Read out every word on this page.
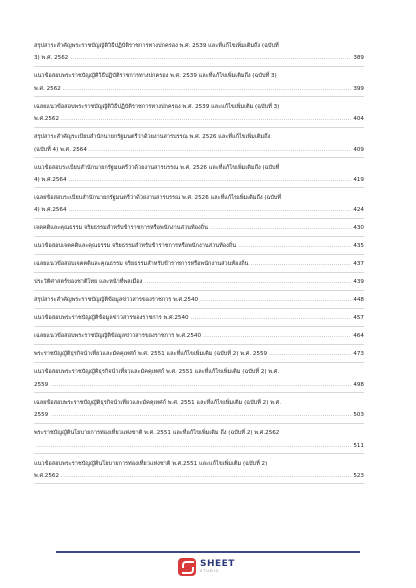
สรุปสาระสำคัญพระราชบัญญัติวิธีปฏิบัติราชการทางปกครอง พ.ศ. 2539 และที่แก้ไขเพิ่มเติมถึง (ฉบับที่
3) พ.ศ. 2562 .....	389
แนวข้อสอบพระราชบัญญัติวิธีปฏิบัติราชการทางปกครอง พ.ศ. 2539 และที่แก้ไขเพิ่มเติมถึง (ฉบับที่ 3)
พ.ศ. 2562 .....	399
เฉลยแนวข้อสอบพระราชบัญญัติวิธีปฏิบัติราชการทางปกครอง พ.ศ. 2539 และแก้ไขเพิ่มเติม (ฉบับที่ 3)
พ.ศ.2562 .....	404
สรุปสาระสำคัญระเบียบสำนักนายกรัฐมนตรีว่าด้วยงานสารบรรณ พ.ศ. 2526 และที่แก้ไขเพิ่มเติมถึง
(ฉบับที่ 4) พ.ศ. 2564 .....	409
แนวข้อสอบระเบียบสำนักนายกรัฐมนตรีว่าด้วยงานสารบรรณ พ.ศ. 2526 และที่แก้ไขเพิ่มเติมถึง (ฉบับที่
4) พ.ศ.2564 .....	419
เฉลยข้อสอบระเบียบสำนักนายกรัฐมนตรีว่าด้วยงานสารบรรณ พ.ศ. 2526 และที่แก้ไขเพิ่มเติมถึง (ฉบับที่
4) พ.ศ.2564 .....	424
เจตคติและคุณธรรม จริยธรรมสำหรับข้าราชการหรือพนักงานส่วนท้องถิ่น .....	430
แนวข้อสอบเจตคติและคุณธรรม จริยธรรมสำหรับข้าราชการหรือพนักงานส่วนท้องถิ่น .....	435
เฉลยแนวข้อสอบเจตคติและคุณธรรม จริยธรรมสำหรับข้าราชการหรือพนักงานส่วนท้องถิ่น .....	437
ประวัติศาสตร์ของชาติไทย และหน้าที่พลเมือง .....	439
สรุปสาระสำคัญพระราชบัญญัติข้อมูลข่าวสารของราชการ พ.ศ.2540 .....	448
แนวข้อสอบพระราชบัญญัติข้อมูลข่าวสารของราชการ พ.ศ.2540 .....	457
เฉลยแนวข้อสอบพระราชบัญญัติข้อมูลข่าวสารของราชการ พ.ศ.2540 .....	464
พระราชบัญญัติธุรกิจนำเที่ยวและมัคคุเทศก์ พ.ศ. 2551 และที่แก้ไขเพิ่มเติม (ฉบับที่ 2) พ.ศ. 2559 .....	473
แนวข้อสอบพระราชบัญญัติธุรกิจนำเที่ยวและมัคคุเทศก์ พ.ศ. 2551 และที่แก้ไขเพิ่มเติม (ฉบับที่ 2) พ.ศ.
2559 .....	498
เฉลยข้อสอบพระราชบัญญัติธุรกิจนำเที่ยวและมัคคุเทศก์ พ.ศ. 2551 และที่แก้ไขเพิ่มเติม (ฉบับที่ 2) พ.ศ.
2559 .....	503
พระราชบัญญัตินโยบายการท่องเที่ยวแห่งชาติ พ.ศ. 2551 และที่แก้ไขเพิ่มเติม ถึง (ฉบับที่ 2) พ.ศ.2562
.....
511
แนวข้อสอบพระราชบัญญัตินโยบายการท่องเที่ยวแห่งชาติ พ.ศ.2551 และแก้ไขเพิ่มเติม (ฉบับที่ 2)
พ.ศ.2562 .....	523
SHEET
STUDIO
